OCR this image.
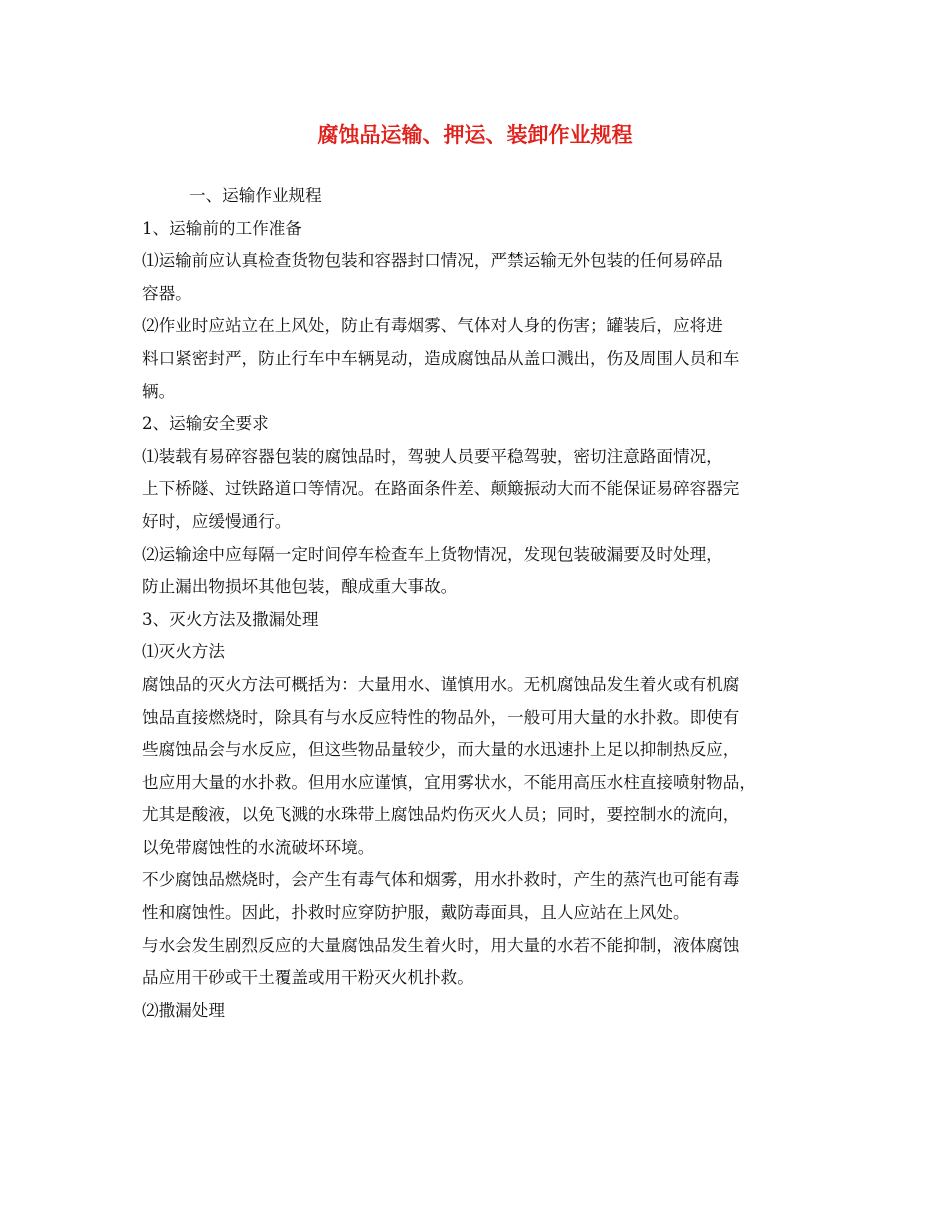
腐蚀品运输、押运、装卸作业规程

一、运输作业规程

1、运输前的工作准备

⑴运输前应认真检查货物包装和容器封口情况，严禁运输无外包装的任何易碎品

容器。

⑵作业时应站立在上风处，防止有毒烟雾、气体对人身的伤害；罐装后，应将进

料口紧密封严，防止行车中车辆晃动，造成腐蚀品从盖口溅出，伤及周围人员和车

辆。

2、运输安全要求

⑴装载有易碎容器包装的腐蚀品时，驾驶人员要平稳驾驶，密切注意路面情况，

上下桥隧、过铁路道口等情况。在路面条件差、颠簸振动大而不能保证易碎容器完

好时，应缓慢通行。

⑵运输途中应每隔一定时间停车检查车上货物情况，发现包装破漏要及时处理，

防止漏出物损坏其他包装，酿成重大事故。

3、灭火方法及撒漏处理

⑴灭火方法

腐蚀品的灭火方法可概括为：大量用水、谨慎用水。无机腐蚀品发生着火或有机腐

蚀品直接燃烧时，除具有与水反应特性的物品外，一般可用大量的水扑救。即使有

些腐蚀品会与水反应，但这些物品量较少，而大量的水迅速扑上足以抑制热反应，

也应用大量的水扑救。但用水应谨慎，宜用雾状水，不能用高压水柱直接喷射物品，

尤其是酸液，以免飞溅的水珠带上腐蚀品灼伤灭火人员；同时，要控制水的流向，

以免带腐蚀性的水流破坏环境。

不少腐蚀品燃烧时，会产生有毒气体和烟雾，用水扑救时，产生的蒸汽也可能有毒

性和腐蚀性。因此，扑救时应穿防护服，戴防毒面具，且人应站在上风处。

与水会发生剧烈反应的大量腐蚀品发生着火时，用大量的水若不能抑制，液体腐蚀

品应用干砂或干土覆盖或用干粉灭火机扑救。

⑵撒漏处理
